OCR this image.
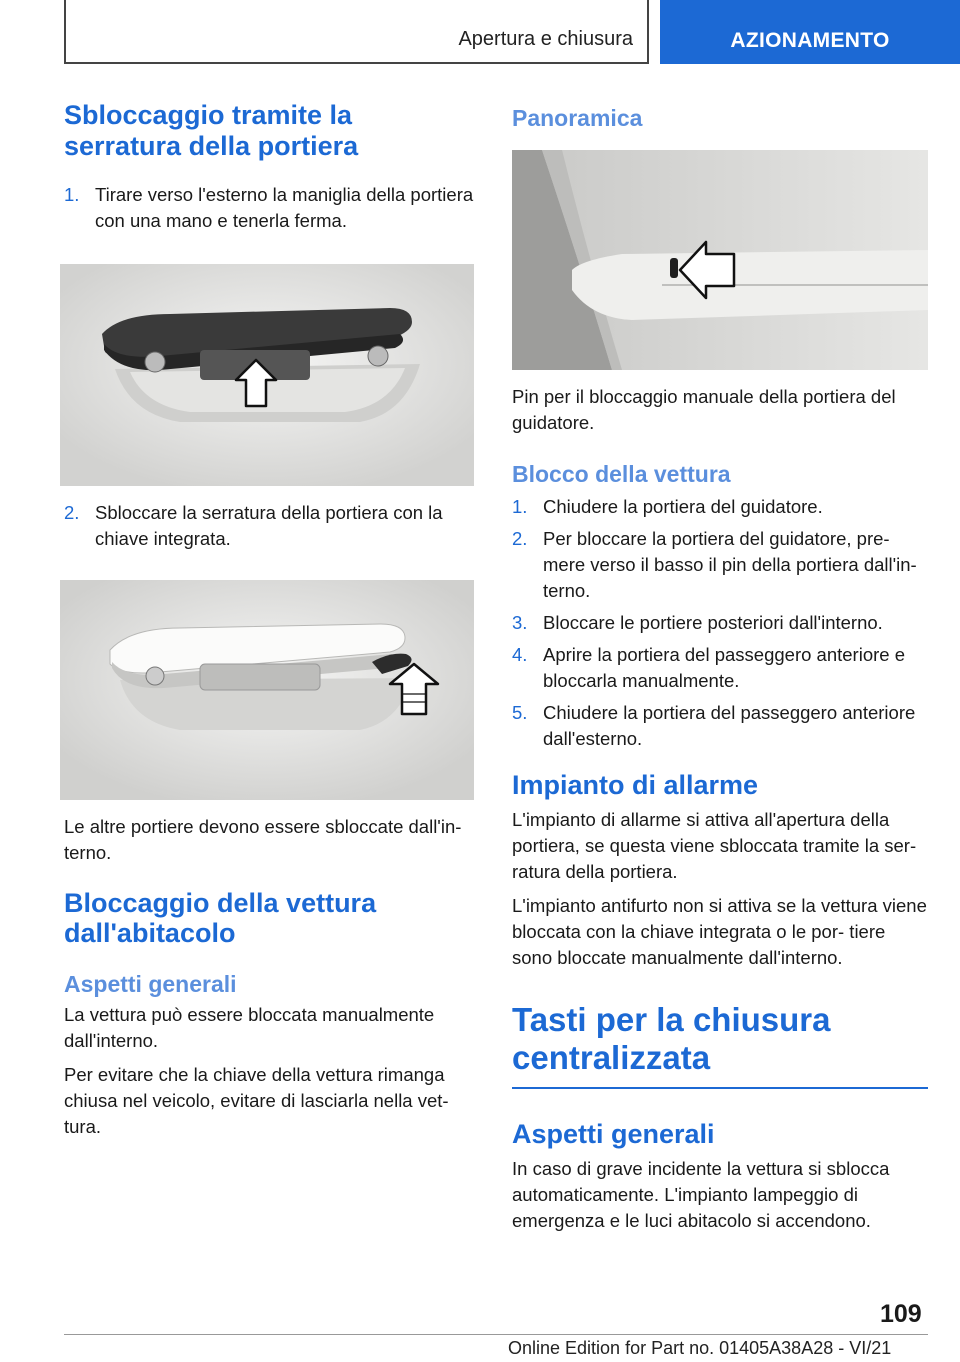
Apertura e chiusura	AZIONAMENTO
Sbloccaggio tramite la serratura della portiera
1. Tirare verso l'esterno la maniglia della portiera con una mano e tenerla ferma.
2. Sbloccare la serratura della portiera con la chiave integrata.

Le altre portiere devono essere sbloccate dall'in‐ terno.

Bloccaggio della vettura dall'abitacolo
Aspetti generali

La vettura può essere bloccata manualmente dall'interno.

Per evitare che la chiave della vettura rimanga chiusa nel veicolo, evitare di lasciarla nella vet‐ tura.

Panoramica

Pin per il bloccaggio manuale della portiera del guidatore.

Blocco della vettura
1. Chiudere la portiera del guidatore.
2. Per bloccare la portiera del guidatore, pre‐ mere verso il basso il pin della portiera dall'in‐ terno.
3. Bloccare le portiere posteriori dall'interno.
4. Aprire la portiera del passeggero anteriore e bloccarla manualmente.
5. Chiudere la portiera del passeggero anteriore dall'esterno.
Impianto di allarme

L'impianto di allarme si attiva all'apertura della portiera, se questa viene sbloccata tramite la ser‐ ratura della portiera.

L'impianto antifurto non si attiva se la vettura viene bloccata con la chiave integrata o le por‐ tiere sono bloccate manualmente dall'interno.

Tasti per la chiusura centralizzata
Aspetti generali

In caso di grave incidente la vettura si sblocca automaticamente. L'impianto lampeggio di emergenza e le luci abitacolo si accendono.

109
Online Edition for Part no. 01405A38A28 - VI/21
